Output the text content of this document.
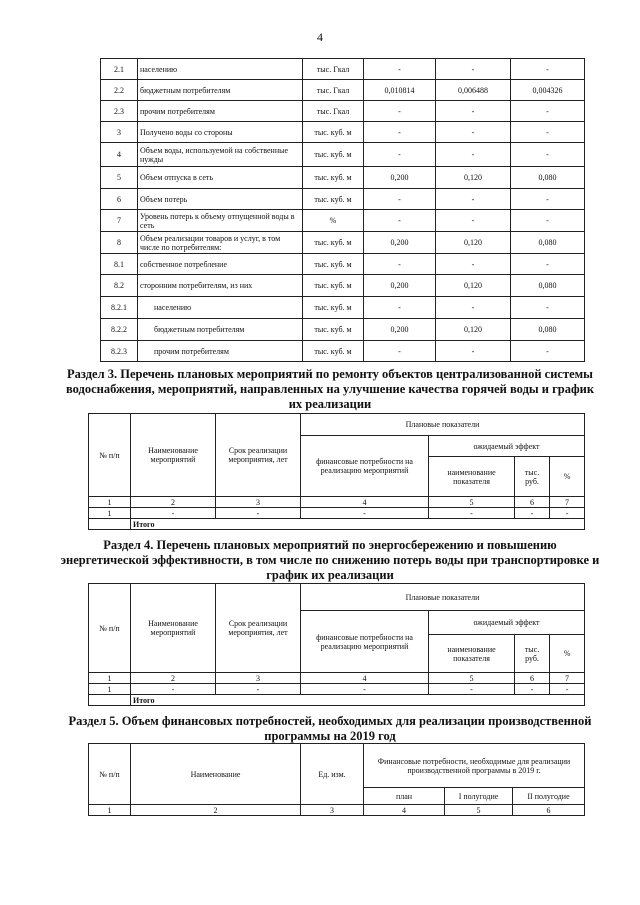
4
2.1	населению	тыс. Гкал	-	-	-
2.2	бюджетным потребителям	тыс. Гкал	0,010814	0,006488	0,004326
2.3	прочим потребителям	тыс. Гкал	-	-	-
3	Получено воды со стороны	тыс. куб. м	-	-	-
4	Объем воды, используемой на собственные нужды	тыс. куб. м	-	-	-
5	Объем отпуска в сеть	тыс. куб. м	0,200	0,120	0,080
6	Объем потерь	тыс. куб. м	-	-	-
7	Уровень потерь к объему отпущенной воды в сеть	%	-	-	-
8	Объем реализации товаров и услуг, в том числе по потребителям:	тыс. куб. м	0,200	0,120	0,080
8.1	собственное потребление	тыс. куб. м	-	-	-
8.2	сторонним потребителям, из них	тыс. куб. м	0,200	0,120	0,080
8.2.1	населению	тыс. куб. м	-	-	-
8.2.2	бюджетным потребителям	тыс. куб. м	0,200	0,120	0,080
8.2.3	прочим потребителям	тыс. куб. м	-	-	-
Раздел 3. Перечень плановых мероприятий по ремонту объектов централизованной системы водоснабжения, мероприятий, направленных на улучшение качества горячей воды и график их реализации
№ п/п	Наименование мероприятий	Срок реализации мероприятия, лет	Плановые показатели			
			финансовые потребности на реализацию мероприятий	ожидаемый эффект		
				наименование показателя	тыс. руб.	%
1	2	3	4	5	6	7
1	-	-	-	-	-	-
	Итого					
Раздел 4. Перечень плановых мероприятий по энергосбережению и повышению энергетической эффективности, в том числе по снижению потерь воды при транспортировке и график их реализации
№ п/п	Наименование мероприятий	Срок реализации мероприятия, лет	Плановые показатели			
			финансовые потребности на реализацию мероприятий	ожидаемый эффект		
				наименование показателя	тыс. руб.	%
1	2	3	4	5	6	7
1	-	-	-	-	-	-
	Итого					
Раздел 5. Объем финансовых потребностей, необходимых для реализации производственной программы на 2019 год
№ п/п	Наименование	Ед. изм.	Финансовые потребности, необходимые для реализации производственной программы в 2019 г.		
			план	I полугодие	II полугодие
1	2	3	4	5	6
